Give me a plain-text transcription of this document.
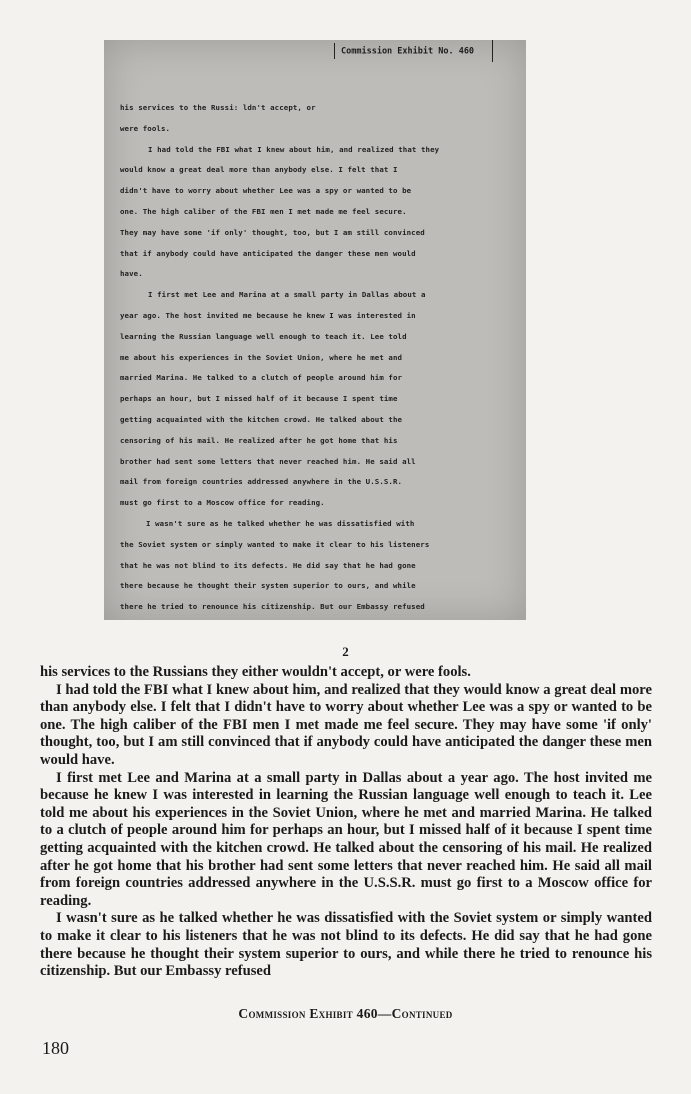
Commission Exhibit No. 460
his services to the Russi: ldn't accept, or
were fools.
I had told the FBI what I knew about him, and realized that they
would know a great deal more than anybody else. I felt that I
didn't have to worry about whether Lee was a spy or wanted to be
one. The high caliber of the FBI men I met made me feel secure.
They may have some 'if only' thought, too, but I am still convinced
that if anybody could have anticipated the danger these men would
have.
I first met Lee and Marina at a small party in Dallas about a
year ago. The host invited me because he knew I was interested in
learning the Russian language well enough to teach it. Lee told
me about his experiences in the Soviet Union, where he met and
married Marina. He talked to a clutch of people around him for
perhaps an hour, but I missed half of it because I spent time
getting acquainted with the kitchen crowd. He talked about the
censoring of his mail. He realized after he got home that his
brother had sent some letters that never reached him. He said all
mail from foreign countries addressed anywhere in the U.S.S.R.
must go first to a Moscow office for reading.
I wasn't sure as he talked whether he was dissatisfied with
the Soviet system or simply wanted to make it clear to his listeners
that he was not blind to its defects. He did say that he had gone
there because he thought their system superior to ours, and while
there he tried to renounce his citizenship. But our Embassy refused
2

his services to the Russians they either wouldn't accept, or were fools.

I had told the FBI what I knew about him, and realized that they would know a great deal more than anybody else. I felt that I didn't have to worry about whether Lee was a spy or wanted to be one. The high caliber of the FBI men I met made me feel secure. They may have some 'if only' thought, too, but I am still convinced that if anybody could have anticipated the danger these men would have.

I first met Lee and Marina at a small party in Dallas about a year ago. The host invited me because he knew I was interested in learning the Russian language well enough to teach it. Lee told me about his experiences in the Soviet Union, where he met and married Marina. He talked to a clutch of people around him for perhaps an hour, but I missed half of it because I spent time getting acquainted with the kitchen crowd. He talked about the censoring of his mail. He realized after he got home that his brother had sent some letters that never reached him. He said all mail from foreign countries addressed anywhere in the U.S.S.R. must go first to a Moscow office for reading.

I wasn't sure as he talked whether he was dissatisfied with the Soviet system or simply wanted to make it clear to his listeners that he was not blind to its defects. He did say that he had gone there because he thought their system superior to ours, and while there he tried to renounce his citizenship. But our Embassy refused

Commission Exhibit 460—Continued
180
